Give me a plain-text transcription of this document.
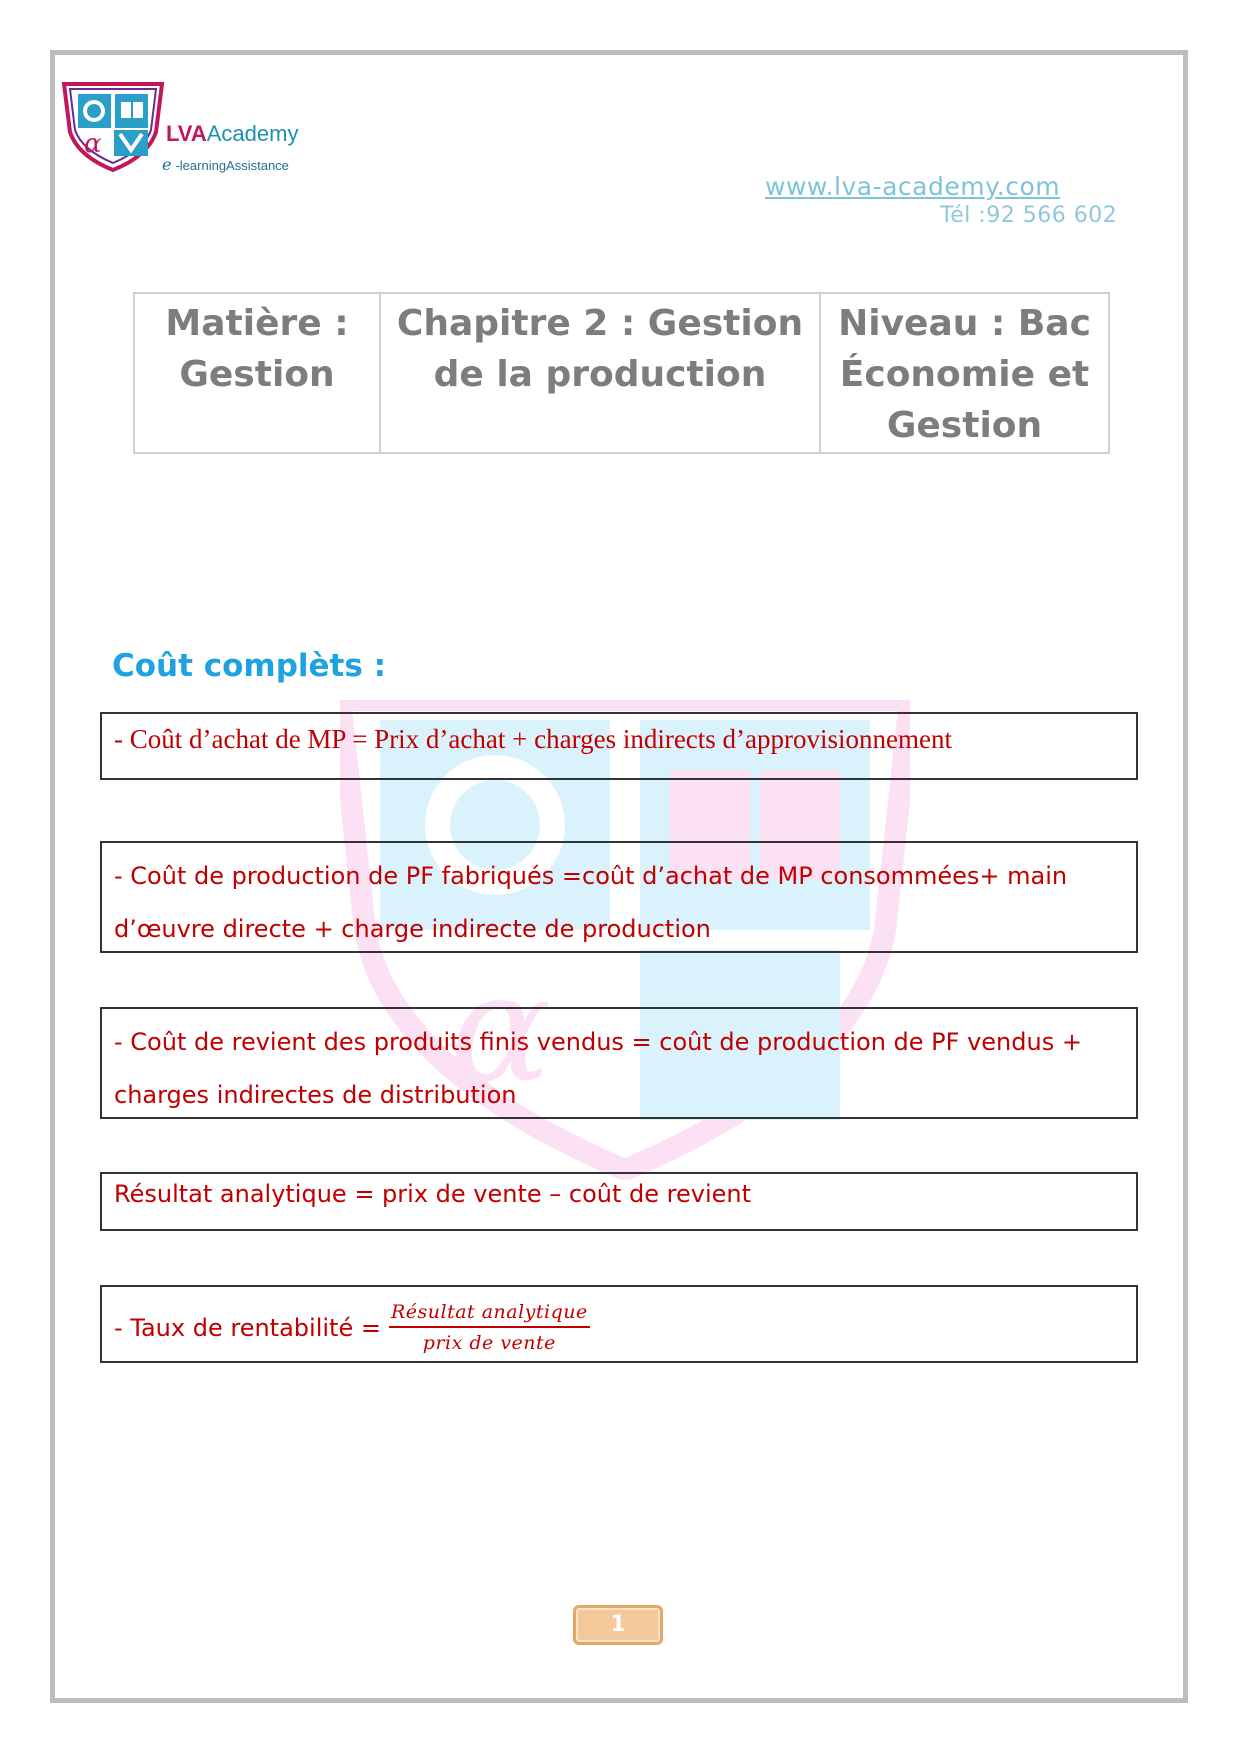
α	LVAAcademy
e -learningAssistance
www.lva-academy.com
Tél :92 566 602
Matière : Gestion	Chapitre 2 : Gestion de la production	Niveau : Bac Économie et Gestion
α
Coût complèts :
- Coût d’achat de MP = Prix d’achat + charges indirects d’approvisionnement
- Coût de production de PF fabriqués =coût d’achat de MP consommées+ main d’œuvre directe + charge indirecte de production
- Coût de revient des produits finis vendus = coût de production de PF vendus + charges indirectes de distribution
Résultat analytique = prix de vente – coût de revient
- Taux de rentabilité = $\frac{\text{Résultat analytique}}{\text{prix de vente}}$
1
